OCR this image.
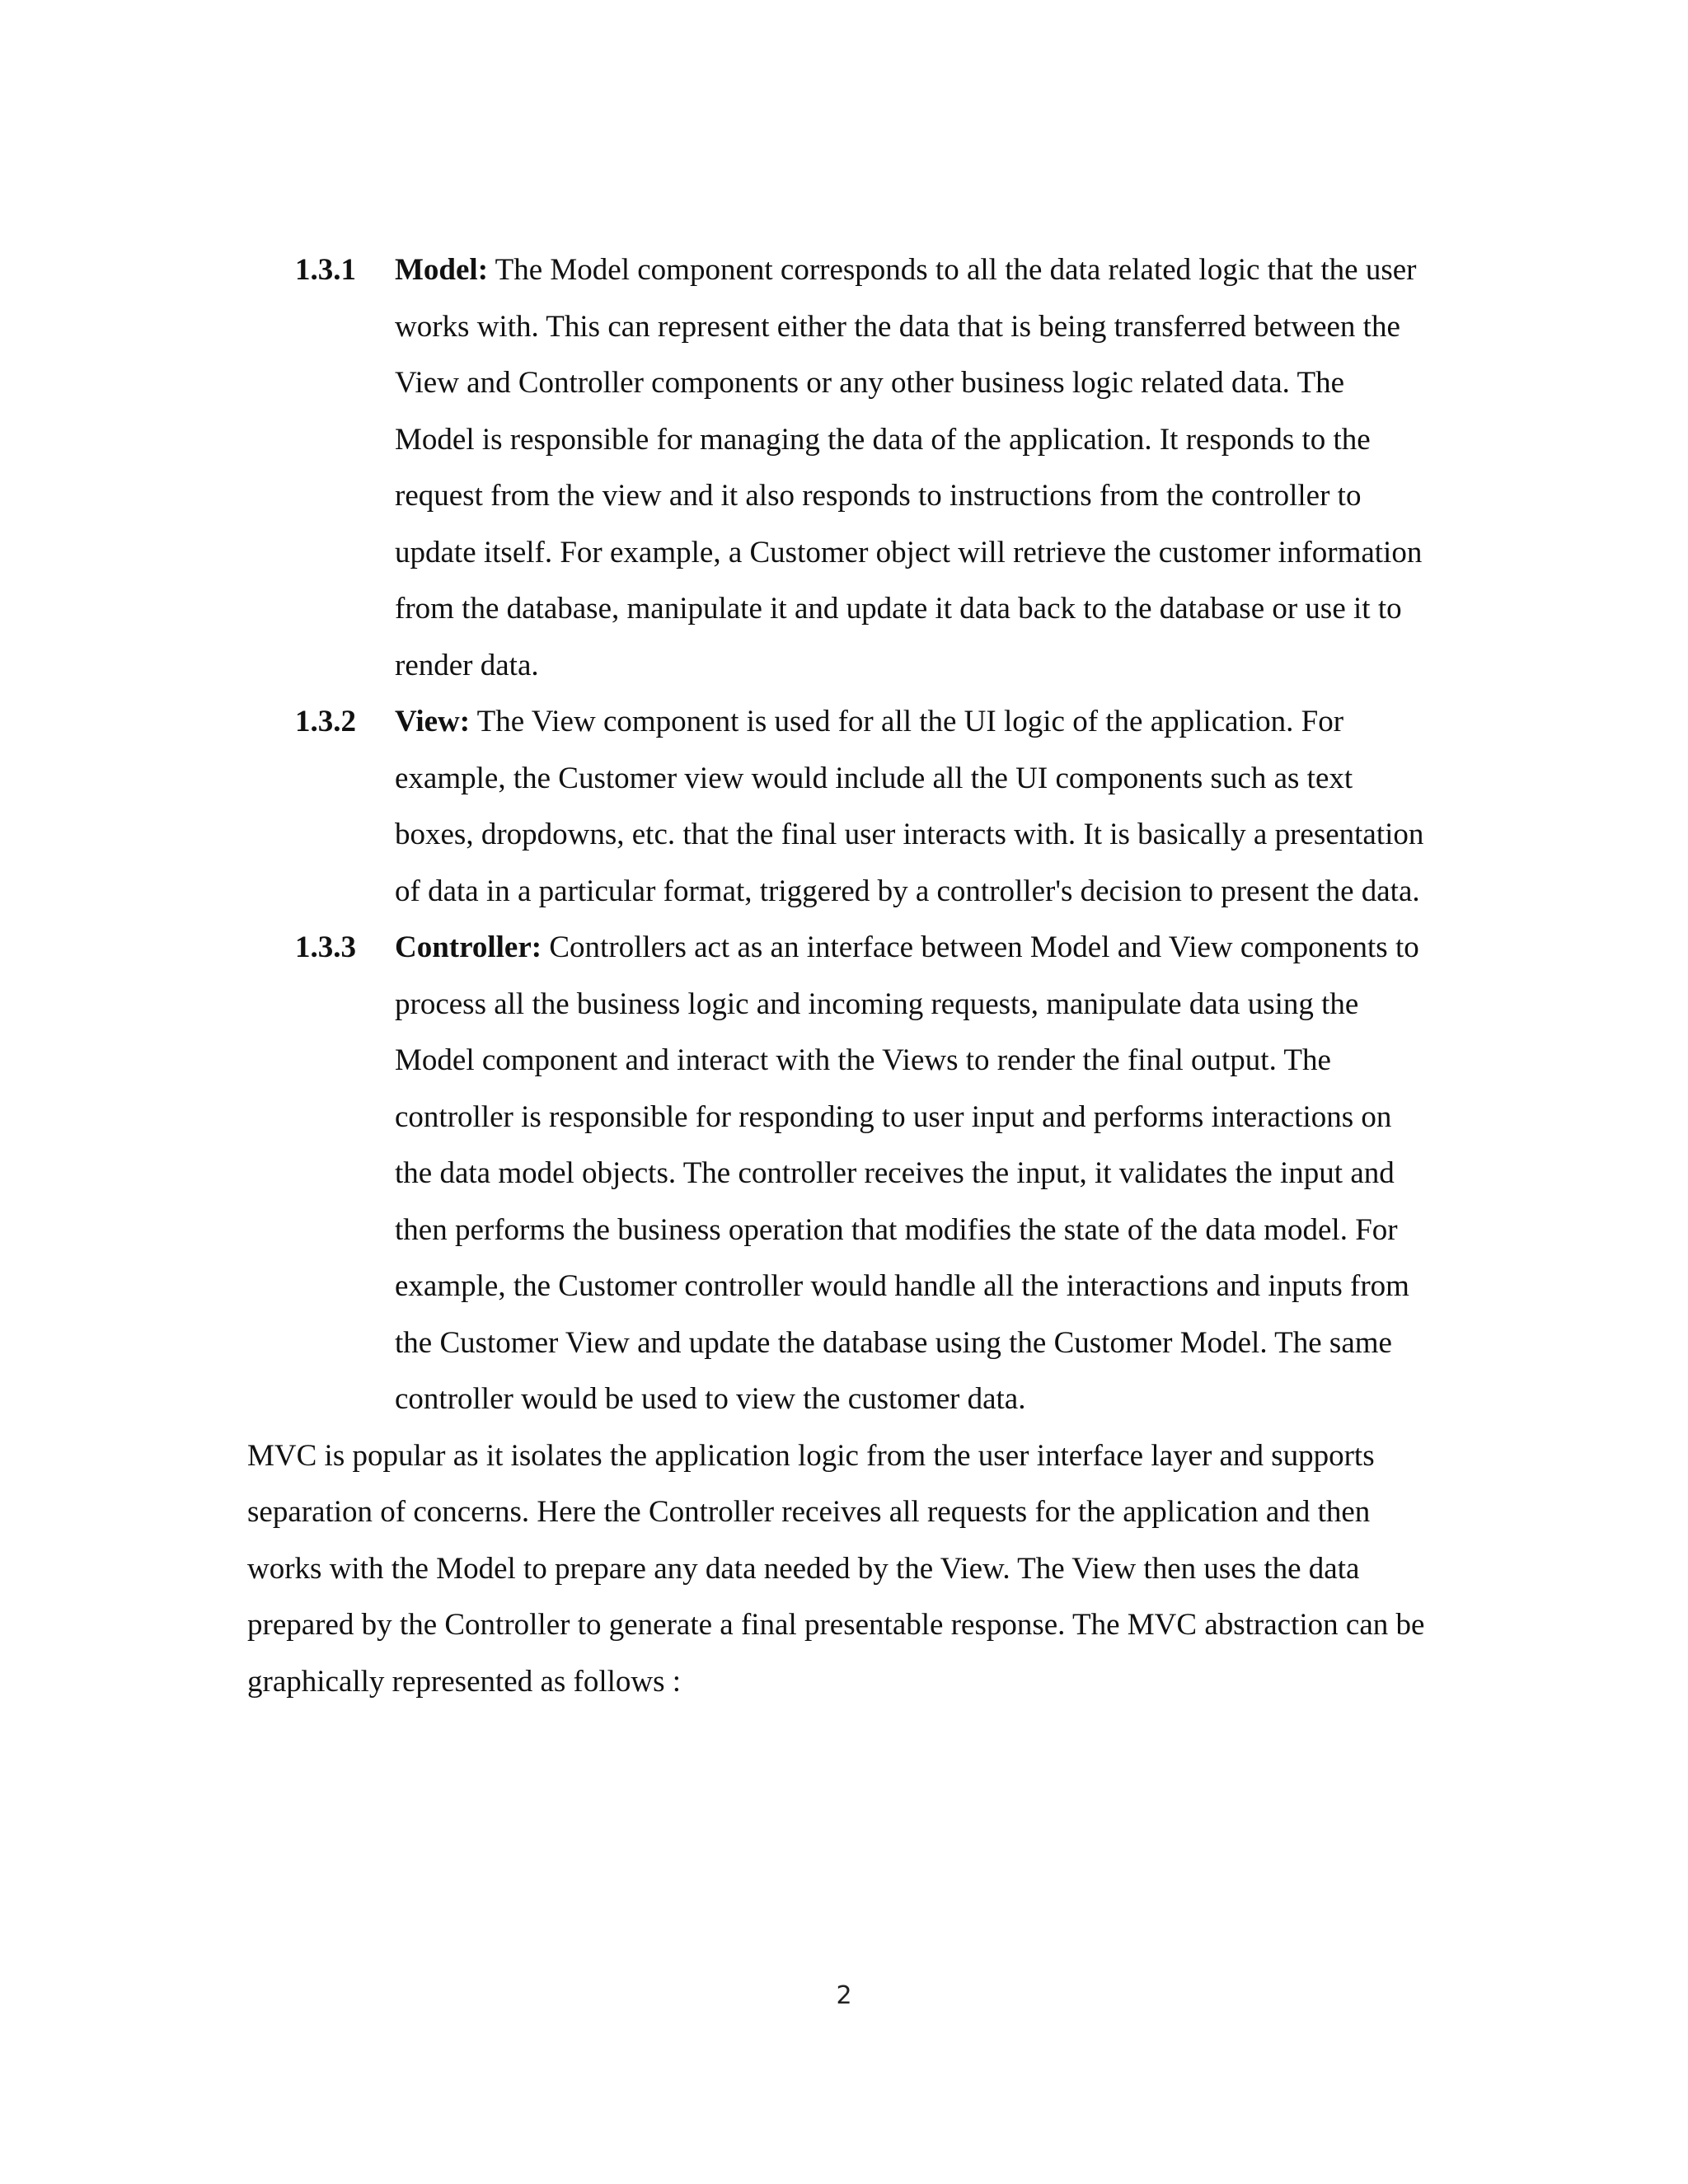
1.3.1 Model: The Model component corresponds to all the data related logic that the user works with. This can represent either the data that is being transferred between the View and Controller components or any other business logic related data. The Model is responsible for managing the data of the application. It responds to the request from the view and it also responds to instructions from the controller to update itself. For example, a Customer object will retrieve the customer information from the database, manipulate it and update it data back to the database or use it to render data.
1.3.2 View: The View component is used for all the UI logic of the application. For example, the Customer view would include all the UI components such as text boxes, dropdowns, etc. that the final user interacts with. It is basically a presentation of data in a particular format, triggered by a controller's decision to present the data.
1.3.3 Controller: Controllers act as an interface between Model and View components to process all the business logic and incoming requests, manipulate data using the Model component and interact with the Views to render the final output. The controller is responsible for responding to user input and performs interactions on the data model objects. The controller receives the input, it validates the input and then performs the business operation that modifies the state of the data model. For example, the Customer controller would handle all the interactions and inputs from the Customer View and update the database using the Customer Model. The same controller would be used to view the customer data.

MVC is popular as it isolates the application logic from the user interface layer and supports separation of concerns. Here the Controller receives all requests for the application and then works with the Model to prepare any data needed by the View. The View then uses the data prepared by the Controller to generate a final presentable response. The MVC abstraction can be graphically represented as follows :

2
